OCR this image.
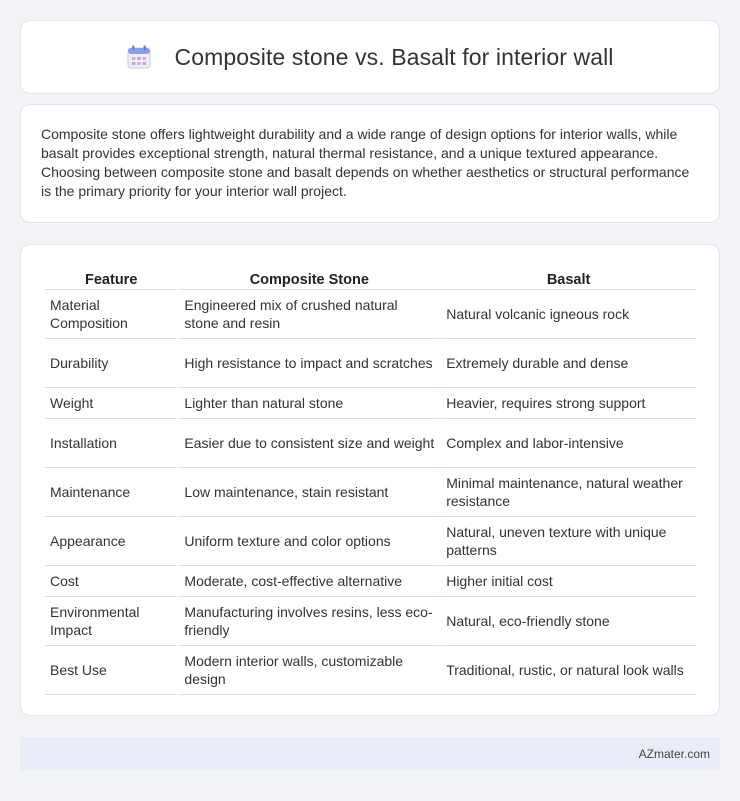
Composite stone vs. Basalt for interior wall

Composite stone offers lightweight durability and a wide range of design options for interior walls, while basalt provides exceptional strength, natural thermal resistance, and a unique textured appearance. Choosing between composite stone and basalt depends on whether aesthetics or structural performance is the primary priority for your interior wall project.

Feature	Composite Stone	Basalt
Material Composition	Engineered mix of crushed natural stone and resin	Natural volcanic igneous rock
Durability	High resistance to impact and scratches	Extremely durable and dense
Weight	Lighter than natural stone	Heavier, requires strong support
Installation	Easier due to consistent size and weight	Complex and labor-intensive
Maintenance	Low maintenance, stain resistant	Minimal maintenance, natural weather resistance
Appearance	Uniform texture and color options	Natural, uneven texture with unique patterns
Cost	Moderate, cost-effective alternative	Higher initial cost
Environmental Impact	Manufacturing involves resins, less eco-friendly	Natural, eco-friendly stone
Best Use	Modern interior walls, customizable design	Traditional, rustic, or natural look walls
AZmater.com
